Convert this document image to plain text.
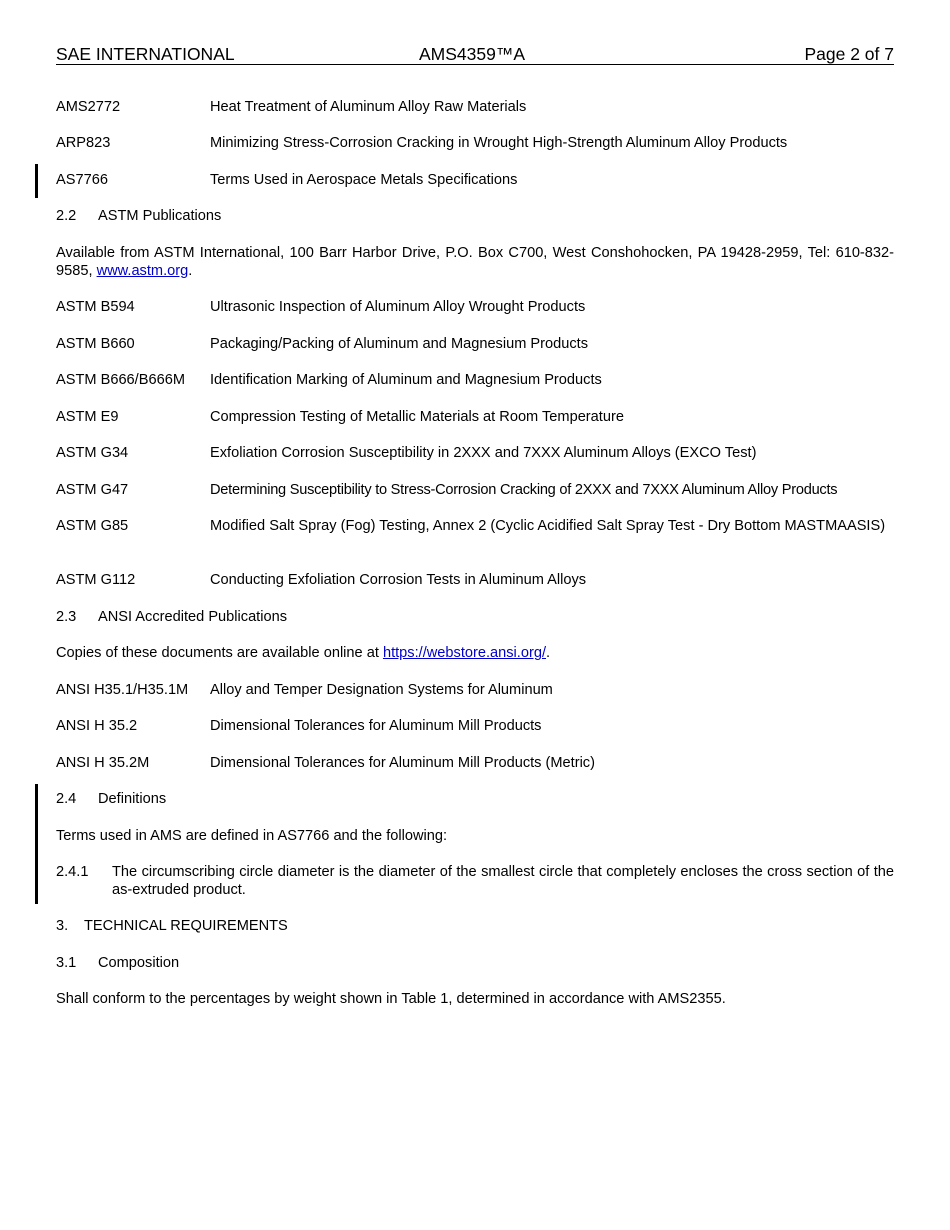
SAE INTERNATIONAL	AMS4359™A	Page 2 of 7
AMS2772	Heat Treatment of Aluminum Alloy Raw Materials
ARP823	Minimizing Stress-Corrosion Cracking in Wrought High-Strength Aluminum Alloy Products
AS7766	Terms Used in Aerospace Metals Specifications
2.2 ASTM Publications
Available from ASTM International, 100 Barr Harbor Drive, P.O. Box C700, West Conshohocken, PA 19428-2959, Tel: 610-832-9585, www.astm.org.
ASTM B594	Ultrasonic Inspection of Aluminum Alloy Wrought Products
ASTM B660	Packaging/Packing of Aluminum and Magnesium Products
ASTM B666/B666M Identification Marking of Aluminum and Magnesium Products
ASTM E9	Compression Testing of Metallic Materials at Room Temperature
ASTM G34	Exfoliation Corrosion Susceptibility in 2XXX and 7XXX Aluminum Alloys (EXCO Test)
ASTM G47	Determining Susceptibility to Stress-Corrosion Cracking of 2XXX and 7XXX Aluminum Alloy Products
ASTM G85	Modified Salt Spray (Fog) Testing, Annex 2 (Cyclic Acidified Salt Spray Test - Dry Bottom MASTMAASIS)
ASTM G112	Conducting Exfoliation Corrosion Tests in Aluminum Alloys
2.3 ANSI Accredited Publications
Copies of these documents are available online at https://webstore.ansi.org/.
ANSI H35.1/H35.1M Alloy and Temper Designation Systems for Aluminum
ANSI H 35.2	Dimensional Tolerances for Aluminum Mill Products
ANSI H 35.2M	Dimensional Tolerances for Aluminum Mill Products (Metric)
2.4 Definitions
Terms used in AMS are defined in AS7766 and the following:
2.4.1 The circumscribing circle diameter is the diameter of the smallest circle that completely encloses the cross section of the as-extruded product.
3. TECHNICAL REQUIREMENTS
3.1 Composition
Shall conform to the percentages by weight shown in Table 1, determined in accordance with AMS2355.
